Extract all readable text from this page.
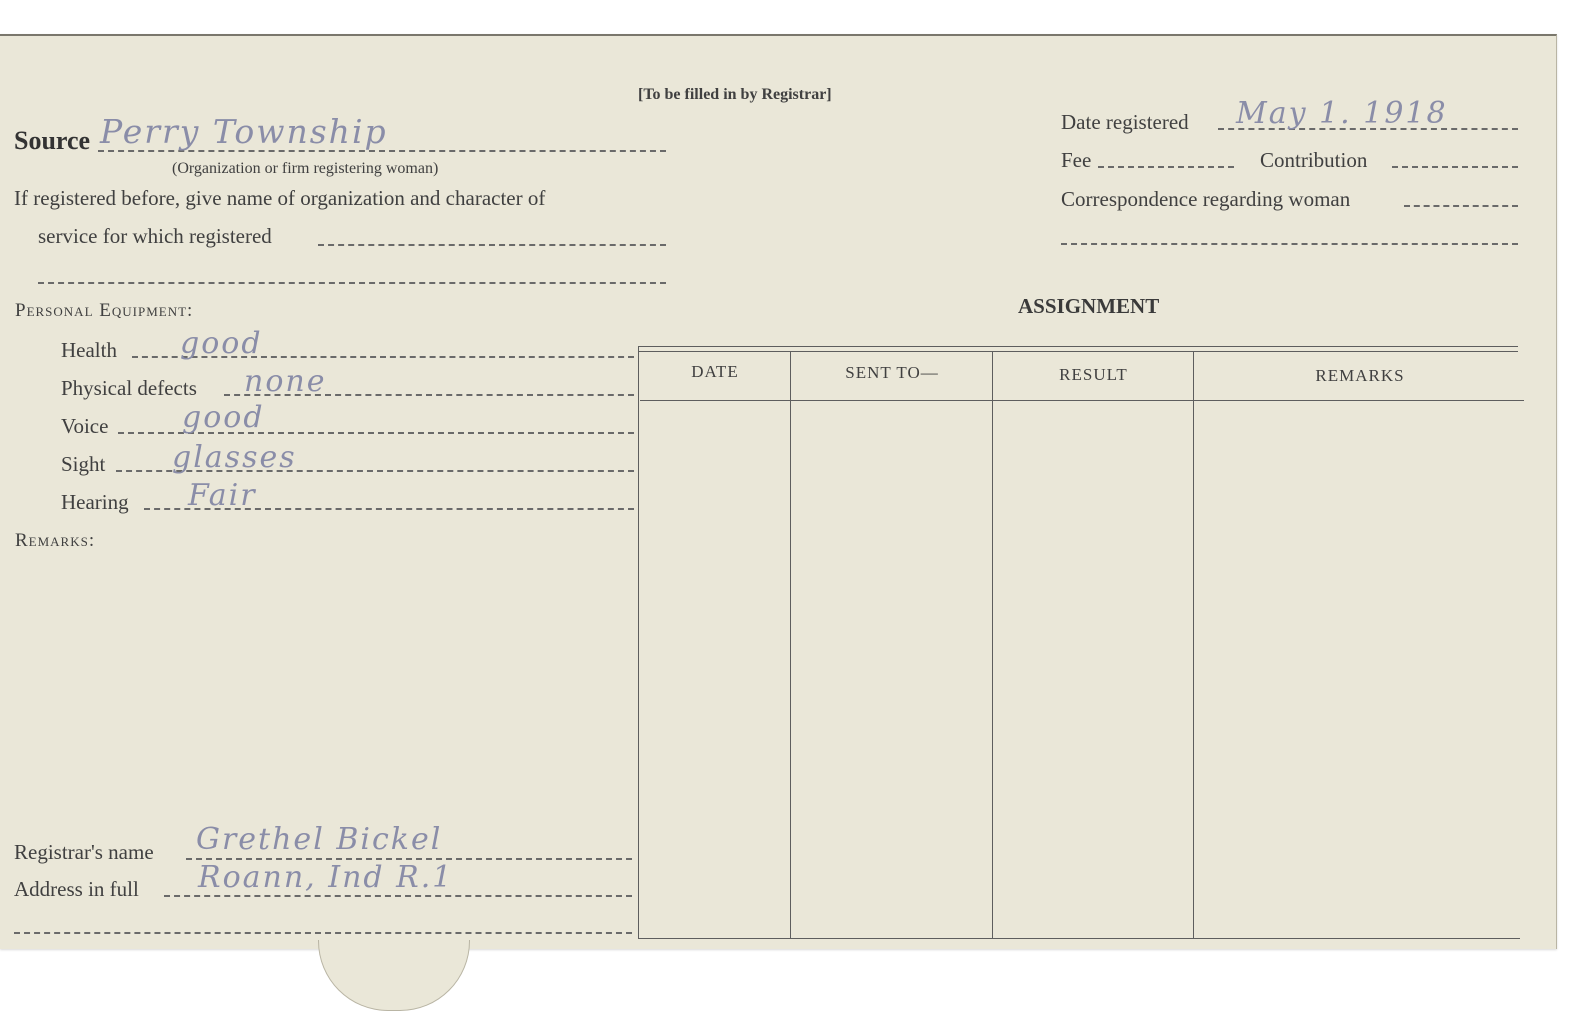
[To be filled in by Registrar]
Source Perry Township
(Organization or firm registering woman)
If registered before, give name of organization and character of
service for which registered
Date registered May 1. 1918
Fee	Contribution
Correspondence regarding woman
Personal Equipment:
Health good
Physical defects none
Voice good
Sight glasses
Hearing Fair
Remarks:
Registrar's name Grethel Bickel
Address in full Roann, Ind R.1
ASSIGNMENT
DATE	SENT TO—	RESULT	REMARKS
